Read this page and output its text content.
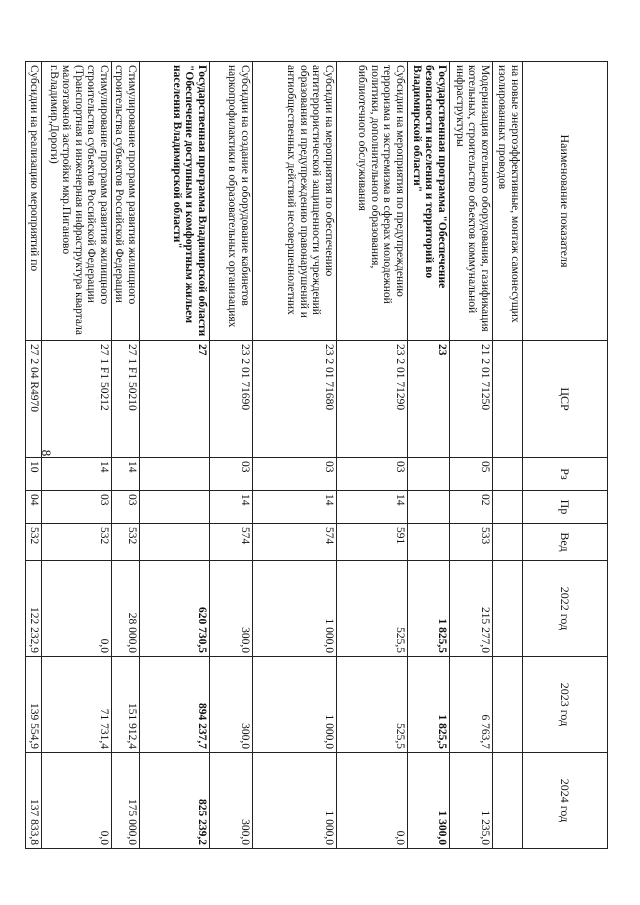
8
Наименование показателя	ЦСР	Рз	Пр	Вед	2022 год	2023 год	2024 год
на новые энергоэффективные, монтаж самонесущих изолированных проводов							
Модернизация котельного оборудования, газификация котельных, строительство объектов коммунальной инфраструктуры	21 2 01 71250	05	02	533	215 277,0	6 763,7	1 235,0
Государственная программа "Обеспечение безопасности населения и территорий во Владимирской области"	23				1 825,5	1 825,5	1 300,0
Субсидии на мероприятия по предупреждению терроризма и экстремизма в сферах молодежной политики, дополнительного образования, библиотечного обслуживания	23 2 01 71290	03	14	591	525,5	525,5	0,0
Субсидии на мероприятия по обеспечению антитеррористической защищенности учреждений образования и предупреждению правонарушений и антиобщественных действий несовершеннолетних	23 2 01 71680	03	14	574	1 000,0	1 000,0	1 000,0
Субсидии на создание и оборудование кабинетов наркопрофилактики в образовательных организациях	23 2 01 71690	03	14	574	300,0	300,0	300,0
Государственная программа Владимирской области "Обеспечение доступным и комфортным жильем населения Владимирской области"	27				620 730,5	894 237,7	825 239,2
Стимулирование программ развития жилищного строительства субъектов Российской Федерации	27 1 F1 50210	14	03	532	28 000,0	151 912,4	175 000,0
Стимулирование программ развития жилищного строительства субъектов Российской Федерации (Транспортная и инженерная инфраструктура квартала малоэтажной застройки мкр.Пиганово г.Владимир,Дороги)	27 1 F1 50212	14	03	532	0,0	71 731,4	0,0
Субсидии на реализацию мероприятий по	27 2 04 R4970	10	04	532	122 232,9	139 554,9	137 833,8
